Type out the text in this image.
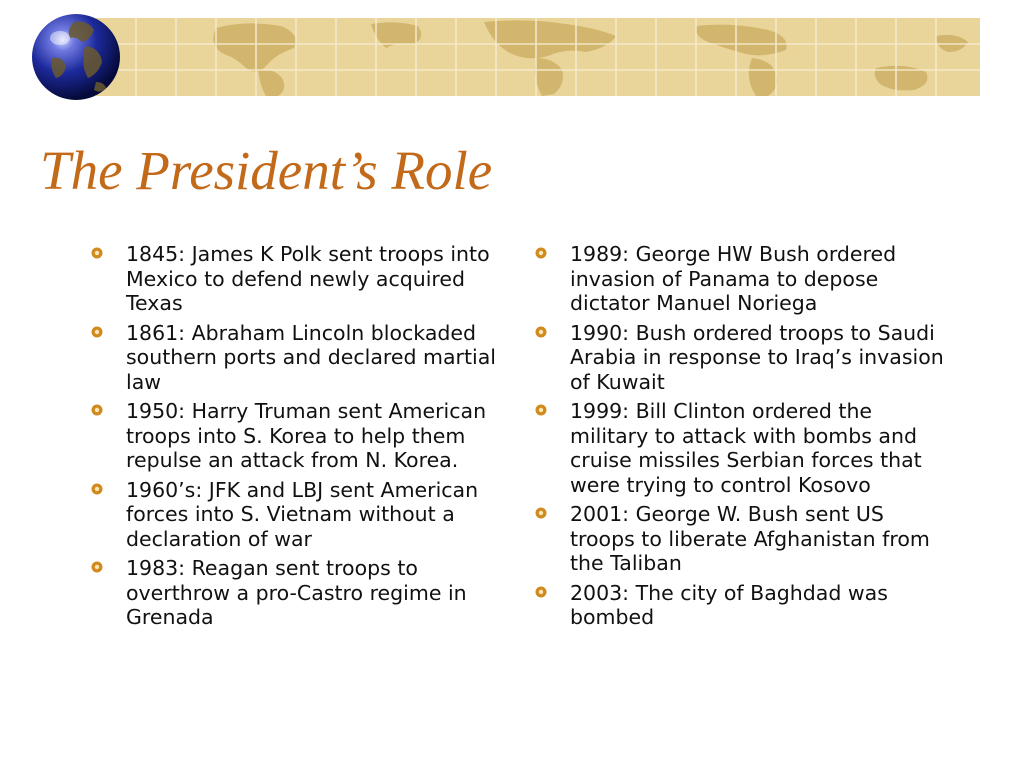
The President’s Role
1845: James K Polk sent troops into Mexico to defend newly acquired Texas
1861: Abraham Lincoln blockaded southern ports and declared martial law
1950: Harry Truman sent American troops into S. Korea to help them repulse an attack from N. Korea.
1960’s: JFK and LBJ sent American forces into S. Vietnam without a declaration of war
1983: Reagan sent troops to overthrow a pro-Castro regime in Grenada
1989: George HW Bush ordered invasion of Panama to depose dictator Manuel Noriega
1990: Bush ordered troops to Saudi Arabia in response to Iraq’s invasion of Kuwait
1999: Bill Clinton ordered the military to attack with bombs and cruise missiles Serbian forces that were trying to control Kosovo
2001: George W. Bush sent US troops to liberate Afghanistan from the Taliban
2003: The city of Baghdad was bombed
